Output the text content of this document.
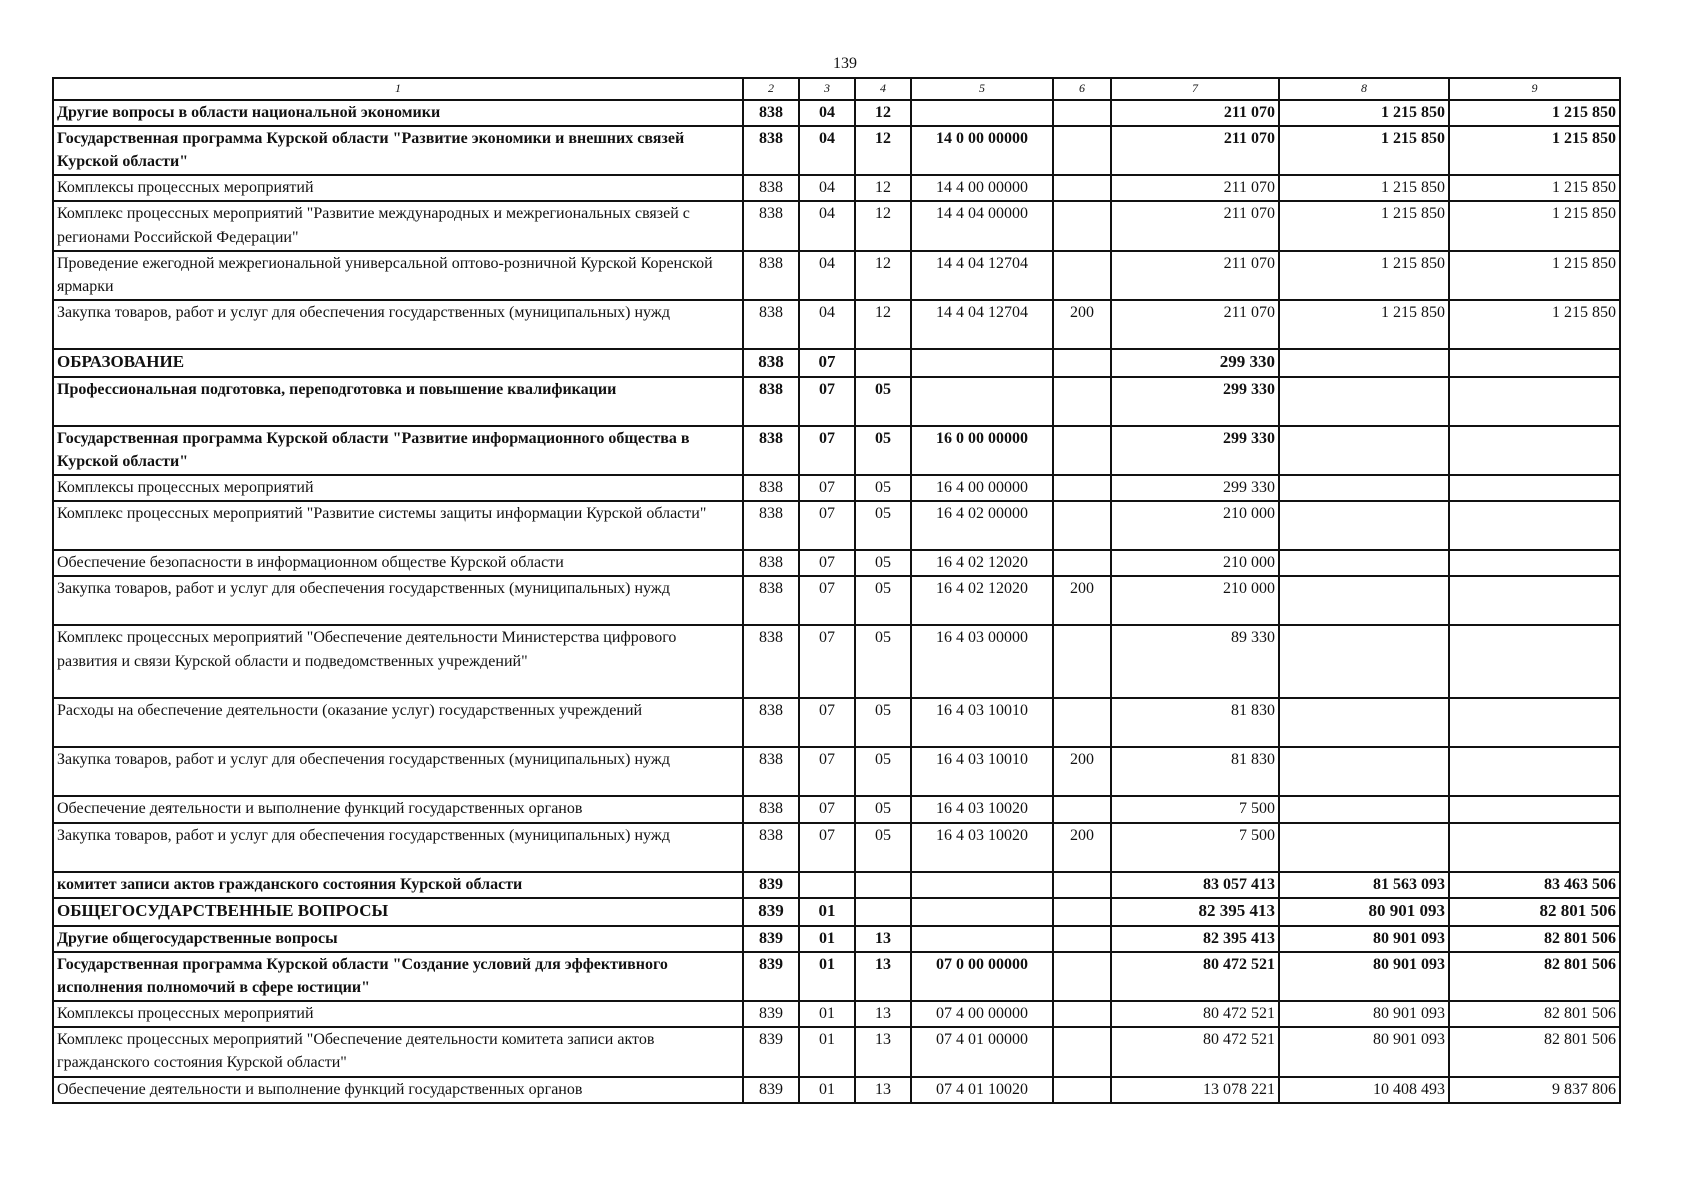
139
1	2	3	4	5	6	7	8	9
Другие вопросы в области национальной экономики	838	04	12			211 070	1 215 850	1 215 850
Государственная программа Курской области "Развитие экономики и внешних связей Курской области"	838	04	12	14 0 00 00000		211 070	1 215 850	1 215 850
Комплексы процессных мероприятий	838	04	12	14 4 00 00000		211 070	1 215 850	1 215 850
Комплекс процессных мероприятий "Развитие международных и межрегиональных связей с регионами Российской Федерации"	838	04	12	14 4 04 00000		211 070	1 215 850	1 215 850
Проведение ежегодной межрегиональной универсальной оптово-розничной Курской Коренской ярмарки	838	04	12	14 4 04 12704		211 070	1 215 850	1 215 850
Закупка товаров, работ и услуг для обеспечения государственных (муниципальных) нужд	838	04	12	14 4 04 12704	200	211 070	1 215 850	1 215 850
ОБРАЗОВАНИЕ	838	07				299 330		
Профессиональная подготовка, переподготовка и повышение квалификации	838	07	05			299 330		
Государственная программа Курской области "Развитие информационного общества в Курской области"	838	07	05	16 0 00 00000		299 330		
Комплексы процессных мероприятий	838	07	05	16 4 00 00000		299 330		
Комплекс процессных мероприятий "Развитие системы защиты информации Курской области"	838	07	05	16 4 02 00000		210 000		
Обеспечение безопасности в информационном обществе Курской области	838	07	05	16 4 02 12020		210 000		
Закупка товаров, работ и услуг для обеспечения государственных (муниципальных) нужд	838	07	05	16 4 02 12020	200	210 000		
Комплекс процессных мероприятий "Обеспечение деятельности Министерства цифрового развития и связи Курской области и подведомственных учреждений"	838	07	05	16 4 03 00000		89 330		
Расходы на обеспечение деятельности (оказание услуг) государственных учреждений	838	07	05	16 4 03 10010		81 830		
Закупка товаров, работ и услуг для обеспечения государственных (муниципальных) нужд	838	07	05	16 4 03 10010	200	81 830		
Обеспечение деятельности и выполнение функций государственных органов	838	07	05	16 4 03 10020		7 500		
Закупка товаров, работ и услуг для обеспечения государственных (муниципальных) нужд	838	07	05	16 4 03 10020	200	7 500		
комитет записи актов гражданского состояния Курской области	839					83 057 413	81 563 093	83 463 506
ОБЩЕГОСУДАРСТВЕННЫЕ ВОПРОСЫ	839	01				82 395 413	80 901 093	82 801 506
Другие общегосударственные вопросы	839	01	13			82 395 413	80 901 093	82 801 506
Государственная программа Курской области "Создание условий для эффективного исполнения полномочий в сфере юстиции"	839	01	13	07 0 00 00000		80 472 521	80 901 093	82 801 506
Комплексы процессных мероприятий	839	01	13	07 4 00 00000		80 472 521	80 901 093	82 801 506
Комплекс процессных мероприятий "Обеспечение деятельности комитета записи актов гражданского состояния Курской области"	839	01	13	07 4 01 00000		80 472 521	80 901 093	82 801 506
Обеспечение деятельности и выполнение функций государственных органов	839	01	13	07 4 01 10020		13 078 221	10 408 493	9 837 806
